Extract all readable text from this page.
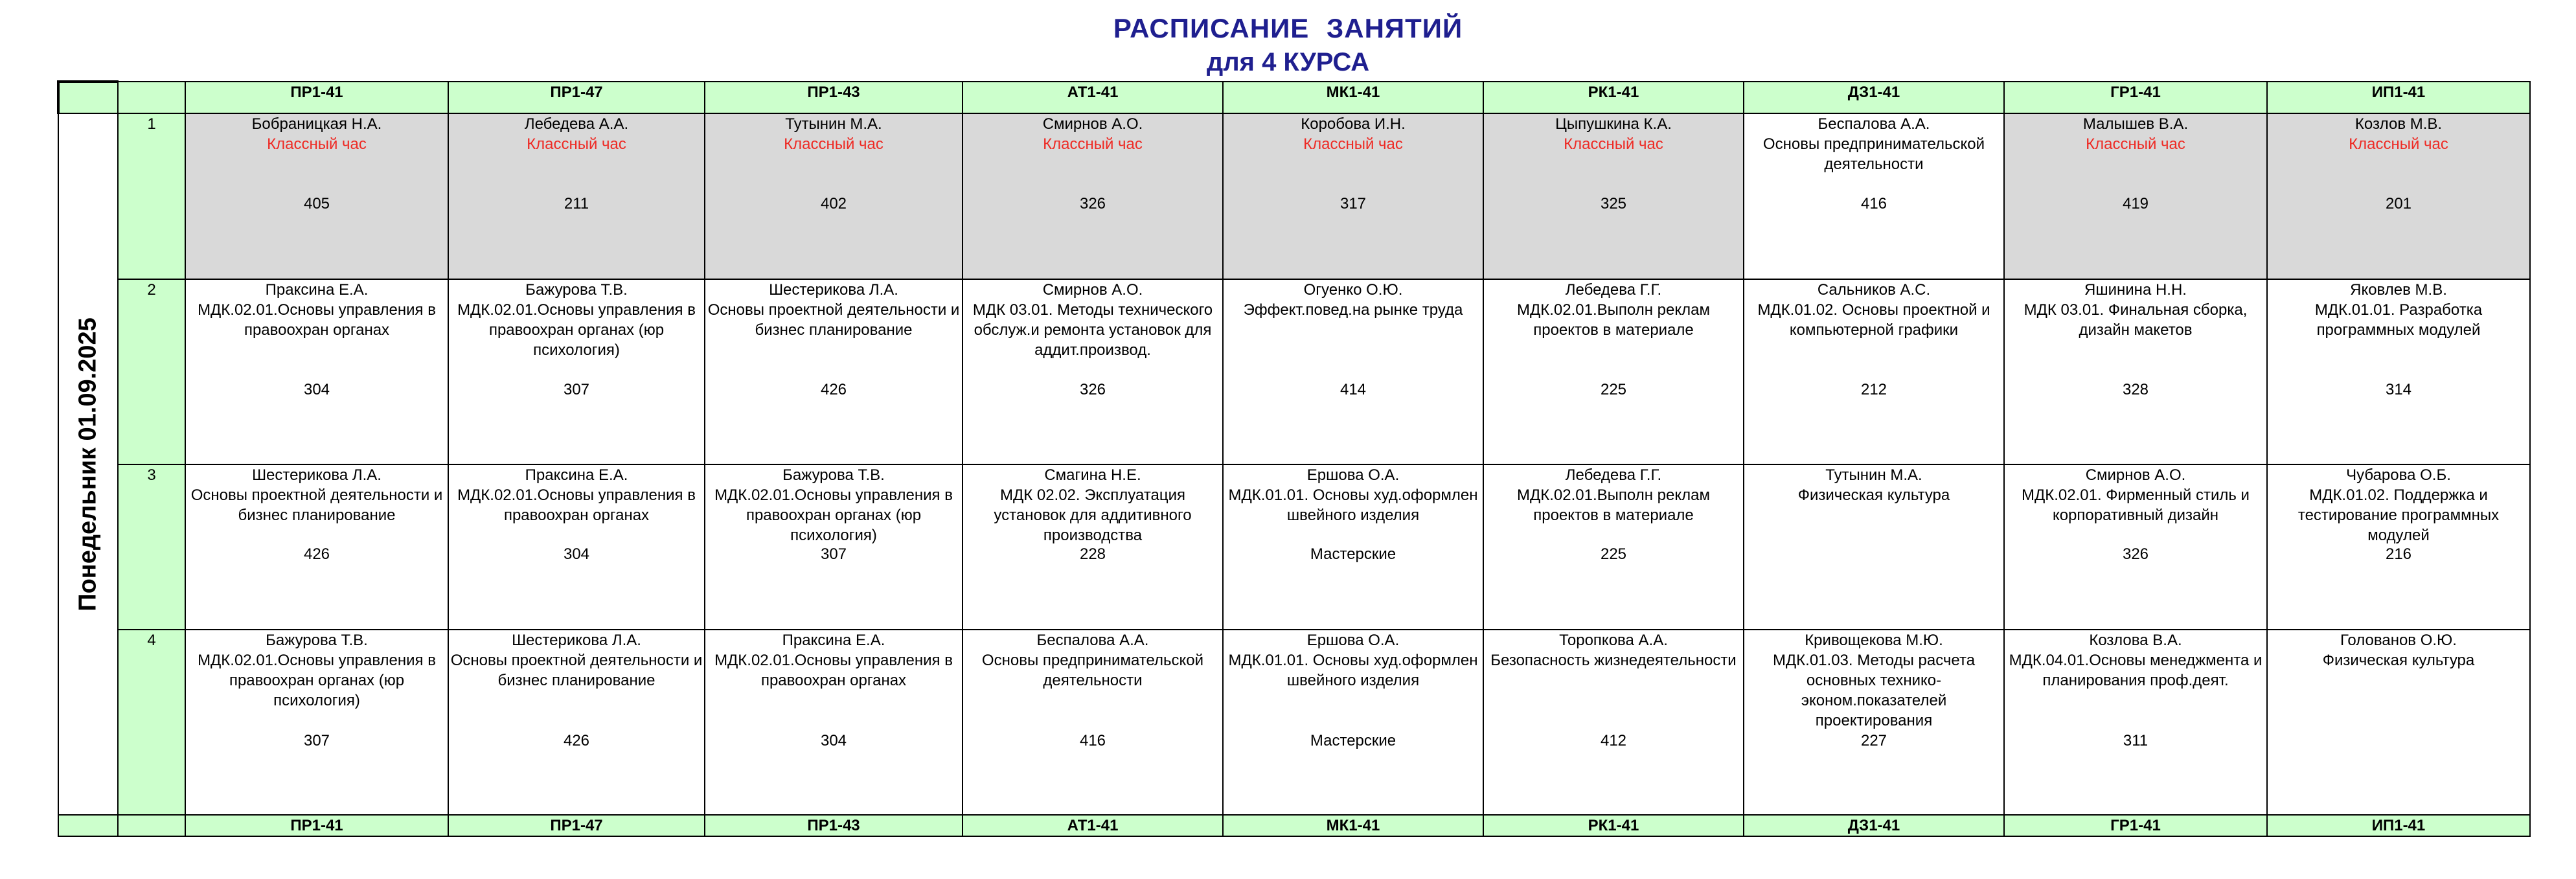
РАСПИСАНИЕ ЗАНЯТИЙ
для 4 КУРСА
		ПР1-41	ПР1-47	ПР1-43	АТ1-41	МК1-41	РК1-41	ДЗ1-41	ГР1-41	ИП1-41

Понедельник 01.09.2025	1	Бобраницкая Н.А.
Классный час
405	Лебедева А.А.
Классный час
211	Тутынин М.А.
Классный час
402	Смирнов А.О.
Классный час
326	Коробова И.Н.
Классный час
317	Цыпушкина К.А.
Классный час
325	Беспалова А.А.
Основы предпринимательской деятельности
416	Малышев В.А.
Классный час
419	Козлов М.В.
Классный час
201

	2	Праксина Е.А.
МДК.02.01.Основы управления в правоохран органах
304	Бажурова Т.В.
МДК.02.01.Основы управления в правоохран органах (юр психология)
307	Шестерикова Л.А.
Основы проектной деятельности и бизнес планирование
426	Смирнов А.О.
МДК 03.01. Методы технического обслуж.и ремонта установок для аддит.производ.
326	Огуенко О.Ю.
Эффект.повед.на рынке труда
414	Лебедева Г.Г.
МДК.02.01.Выполн реклам проектов в материале
225	Сальников А.С.
МДК.01.02. Основы проектной и компьютерной графики
212	Яшинина Н.Н.
МДК 03.01. Финальная сборка, дизайн макетов
328	Яковлев М.В.
МДК.01.01. Разработка программных модулей
314

	3	Шестерикова Л.А.
Основы проектной деятельности и бизнес планирование
426	Праксина Е.А.
МДК.02.01.Основы управления в правоохран органах
304	Бажурова Т.В.
МДК.02.01.Основы управления в правоохран органах (юр психология)
307	Смагина Н.Е.
МДК 02.02. Эксплуатация установок для аддитивного производства
228	Ершова О.А.
МДК.01.01. Основы худ.оформлен швейного изделия
Мастерские	Лебедева Г.Г.
МДК.02.01.Выполн реклам проектов в материале
225	Тутынин М.А.
Физическая культура	Смирнов А.О.
МДК.02.01. Фирменный стиль и корпоративный дизайн
326	Чубарова О.Б.
МДК.01.02. Поддержка и тестирование программных модулей
216

	4	Бажурова Т.В.
МДК.02.01.Основы управления в правоохран органах (юр психология)
307	Шестерикова Л.А.
Основы проектной деятельности и бизнес планирование
426	Праксина Е.А.
МДК.02.01.Основы управления в правоохран органах
304	Беспалова А.А.
Основы предпринимательской деятельности
416	Ершова О.А.
МДК.01.01. Основы худ.оформлен швейного изделия
Мастерские	Торопкова А.А.
Безопасность жизнедеятельности
412	Кривощекова М.Ю.
МДК.01.03. Методы расчета основных технико-эконом.показателей проектирования
227	Козлова В.А.
МДК.04.01.Основы менеджмента и планирования проф.деят.
311	Голованов О.Ю.
Физическая культура

		ПР1-41	ПР1-47	ПР1-43	АТ1-41	МК1-41	РК1-41	ДЗ1-41	ГР1-41	ИП1-41
